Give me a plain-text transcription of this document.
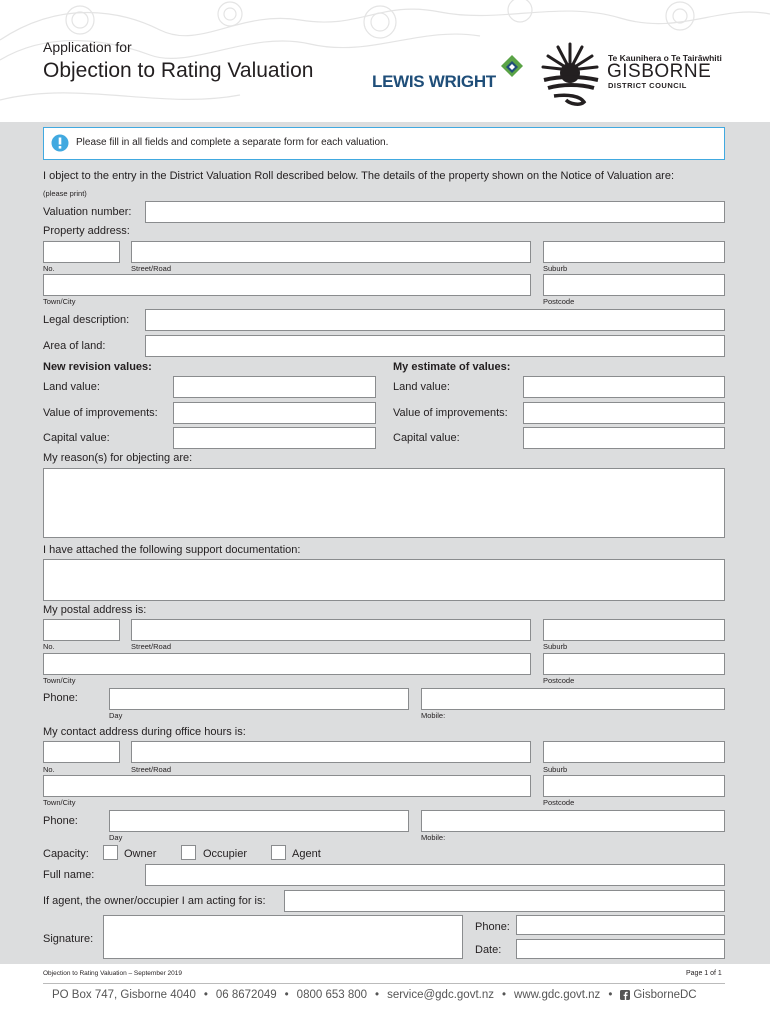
Application for
Objection to Rating Valuation	LEWIS WRIGHT
Te Kaunihera o Te Tairāwhiti
GISBORNE
DISTRICT COUNCIL
Please fill in all fields and complete a separate form for each valuation.
I object to the entry in the District Valuation Roll described below. The details of the property shown on the Notice of Valuation are:
(please print)
Valuation number:
Property address:
No.	Street/Road	Suburb
Town/City	Postcode
Legal description:
Area of land:
New revision values:	My estimate of values:
Land value:	Land value:
Value of improvements:	Value of improvements:
Capital value:	Capital value:
My reason(s) for objecting are:
I have attached the following support documentation:
My postal address is:
No.	Street/Road	Suburb
Town/City	Postcode
Phone:
Day	Mobile:
My contact address during office hours is:
No.	Street/Road	Suburb
Town/City	Postcode
Phone:
Day	Mobile:
Capacity:	Owner	Occupier	Agent
Full name:
If agent, the owner/occupier I am acting for is:
Signature:
Phone:
Date:
Objection to Rating Valuation – September 2019	Page 1 of 1
PO Box 747, Gisborne 4040 • 06 8672049 • 0800 653 800 • service@gdc.govt.nz • www.gdc.govt.nz • GisborneDC
